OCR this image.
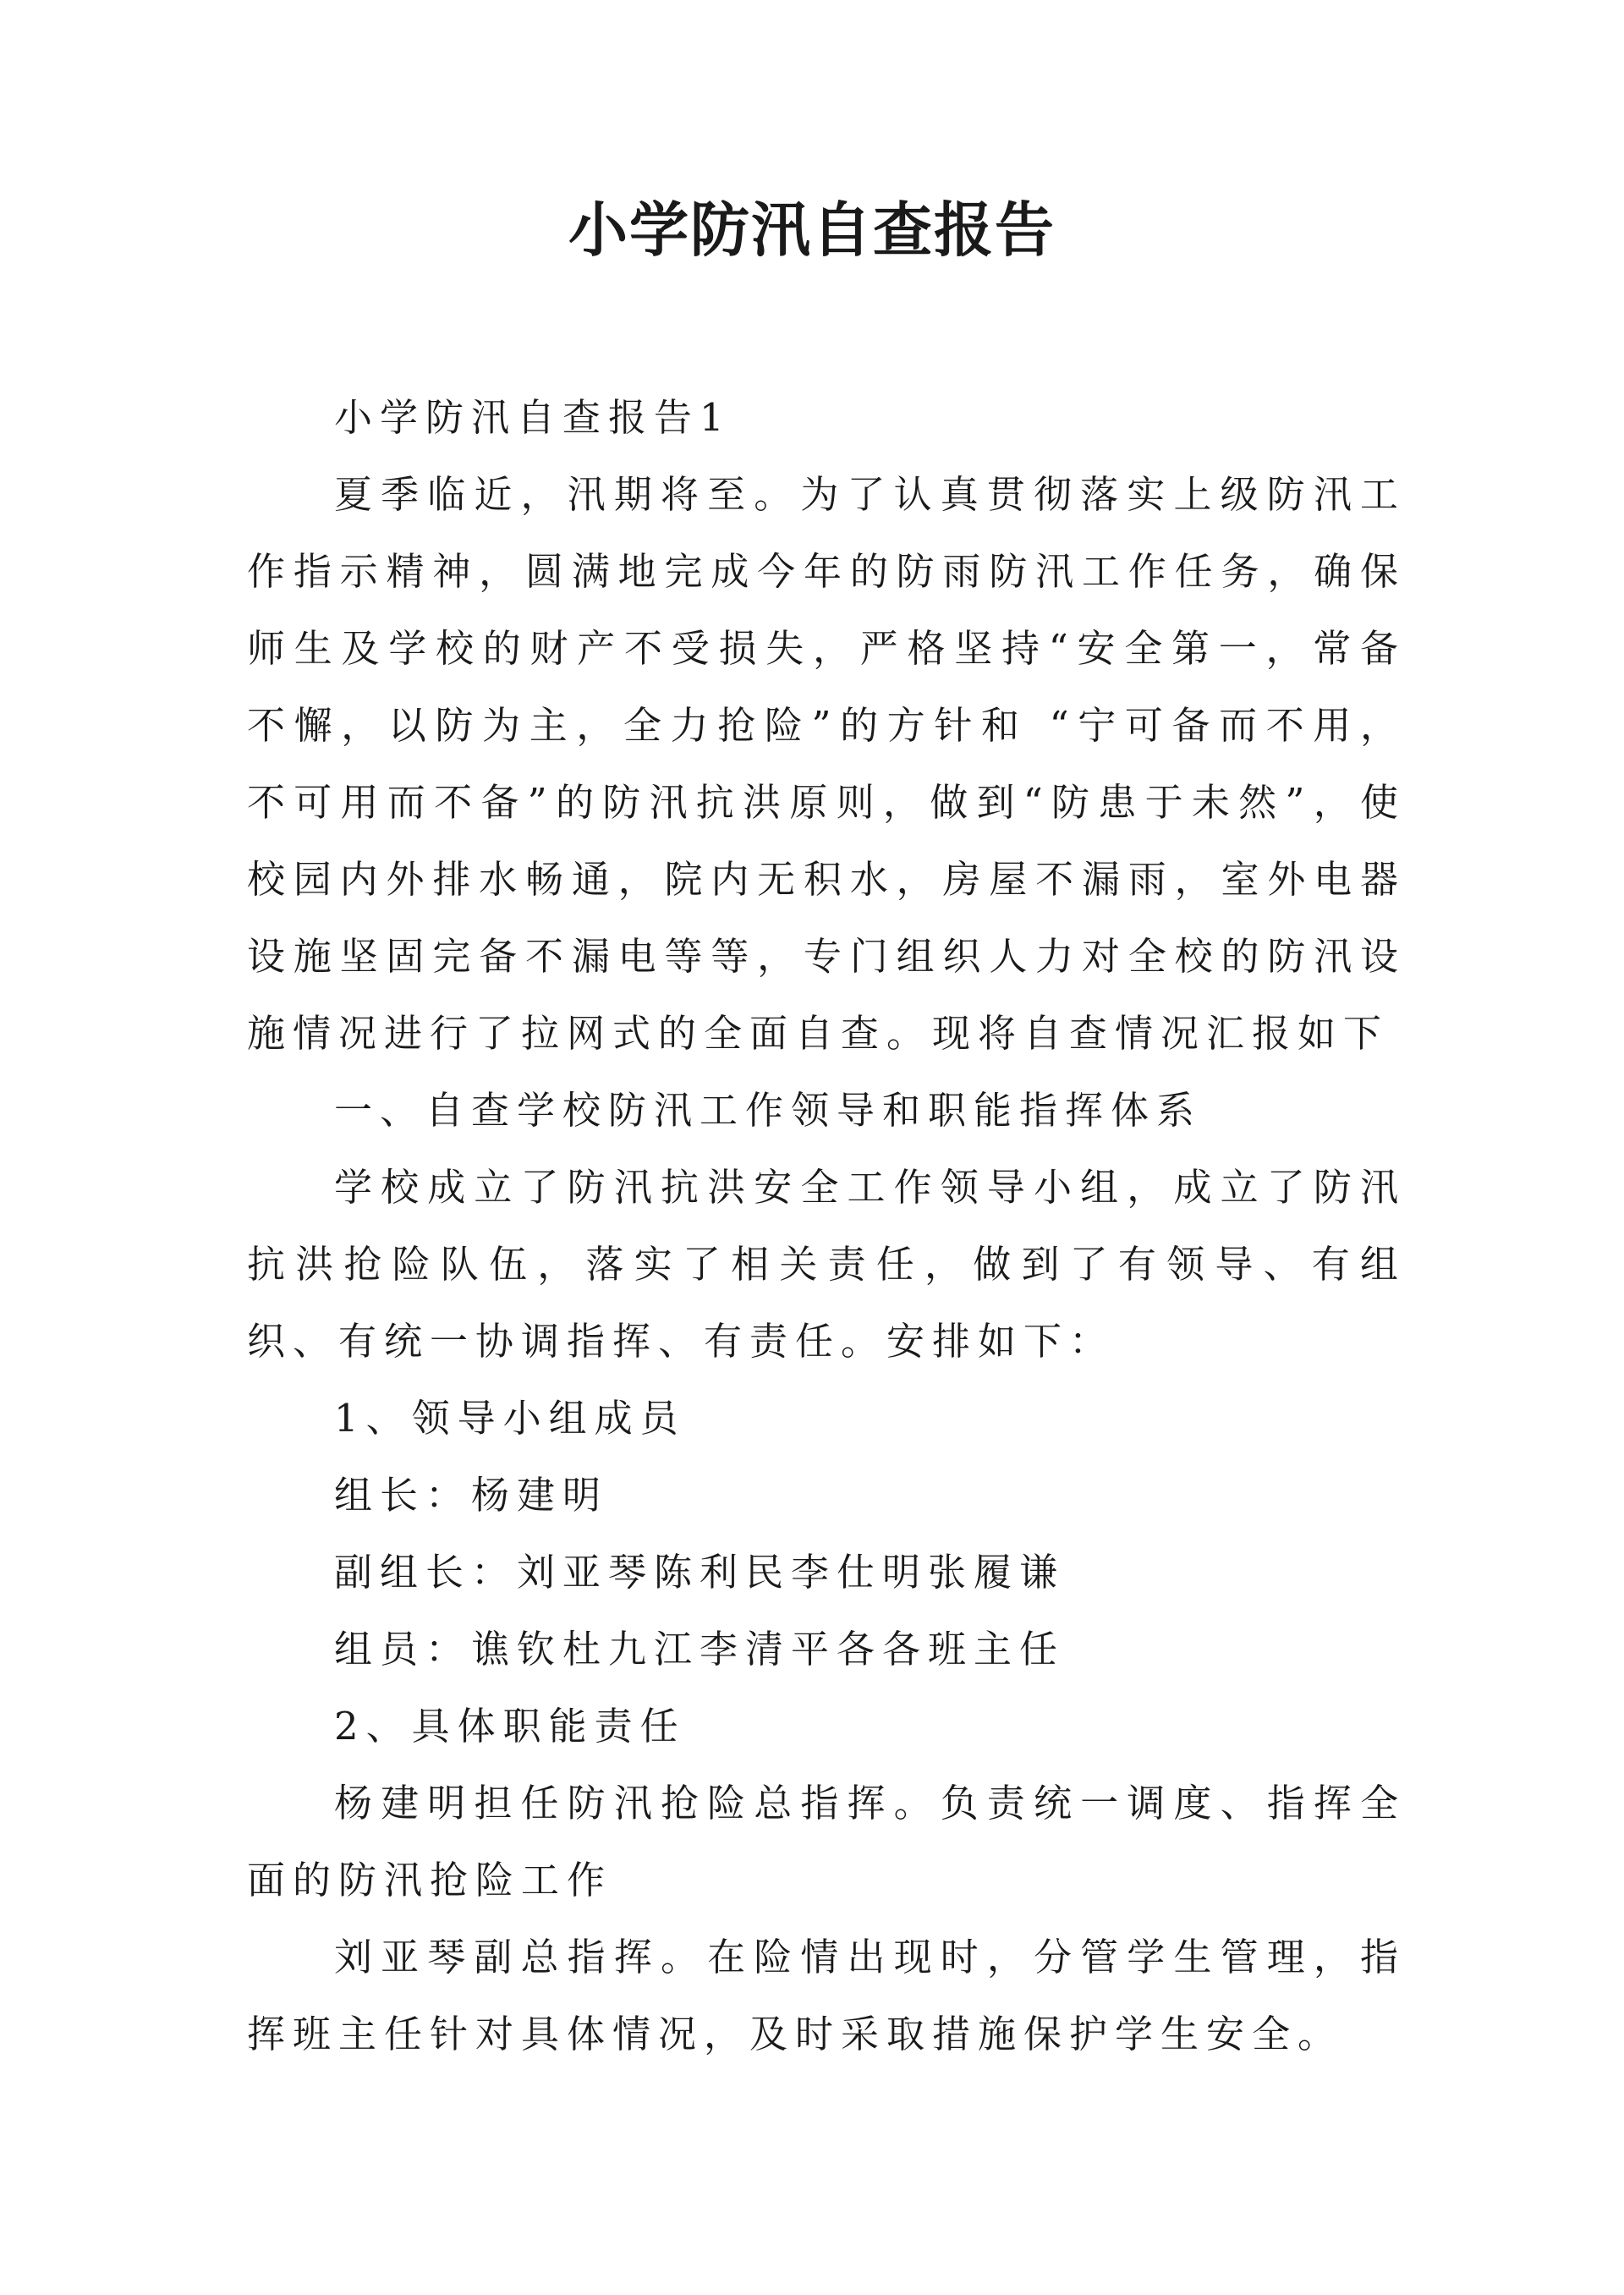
小学防汛自查报告

小学防汛自查报告1

夏季临近，汛期将至。为了认真贯彻落实上级防汛工作指示精神，圆满地完成今年的防雨防汛工作任务，确保师生及学校的财产不受损失，严格坚持“安全第一，常备不懈，以防为主，全力抢险”的方针和 “宁可备而不用，不可用而不备”的防汛抗洪原则，做到“防患于未然”，使校园内外排水畅通，院内无积水，房屋不漏雨，室外电器设施坚固完备不漏电等等，专门组织人力对全校的防汛设施情况进行了拉网式的全面自查。现将自查情况汇报如下

一、自查学校防汛工作领导和职能指挥体系

学校成立了防汛抗洪安全工作领导小组，成立了防汛抗洪抢险队伍，落实了相关责任，做到了有领导、有组织、有统一协调指挥、有责任。安排如下：

1、领导小组成员

组长：杨建明

副组长：刘亚琴陈利民李仕明张履谦

组员：谯钦杜九江李清平各各班主任

2、具体职能责任

杨建明担任防汛抢险总指挥。负责统一调度、指挥全面的防汛抢险工作

刘亚琴副总指挥。在险情出现时，分管学生管理，指挥班主任针对具体情况，及时采取措施保护学生安全。
